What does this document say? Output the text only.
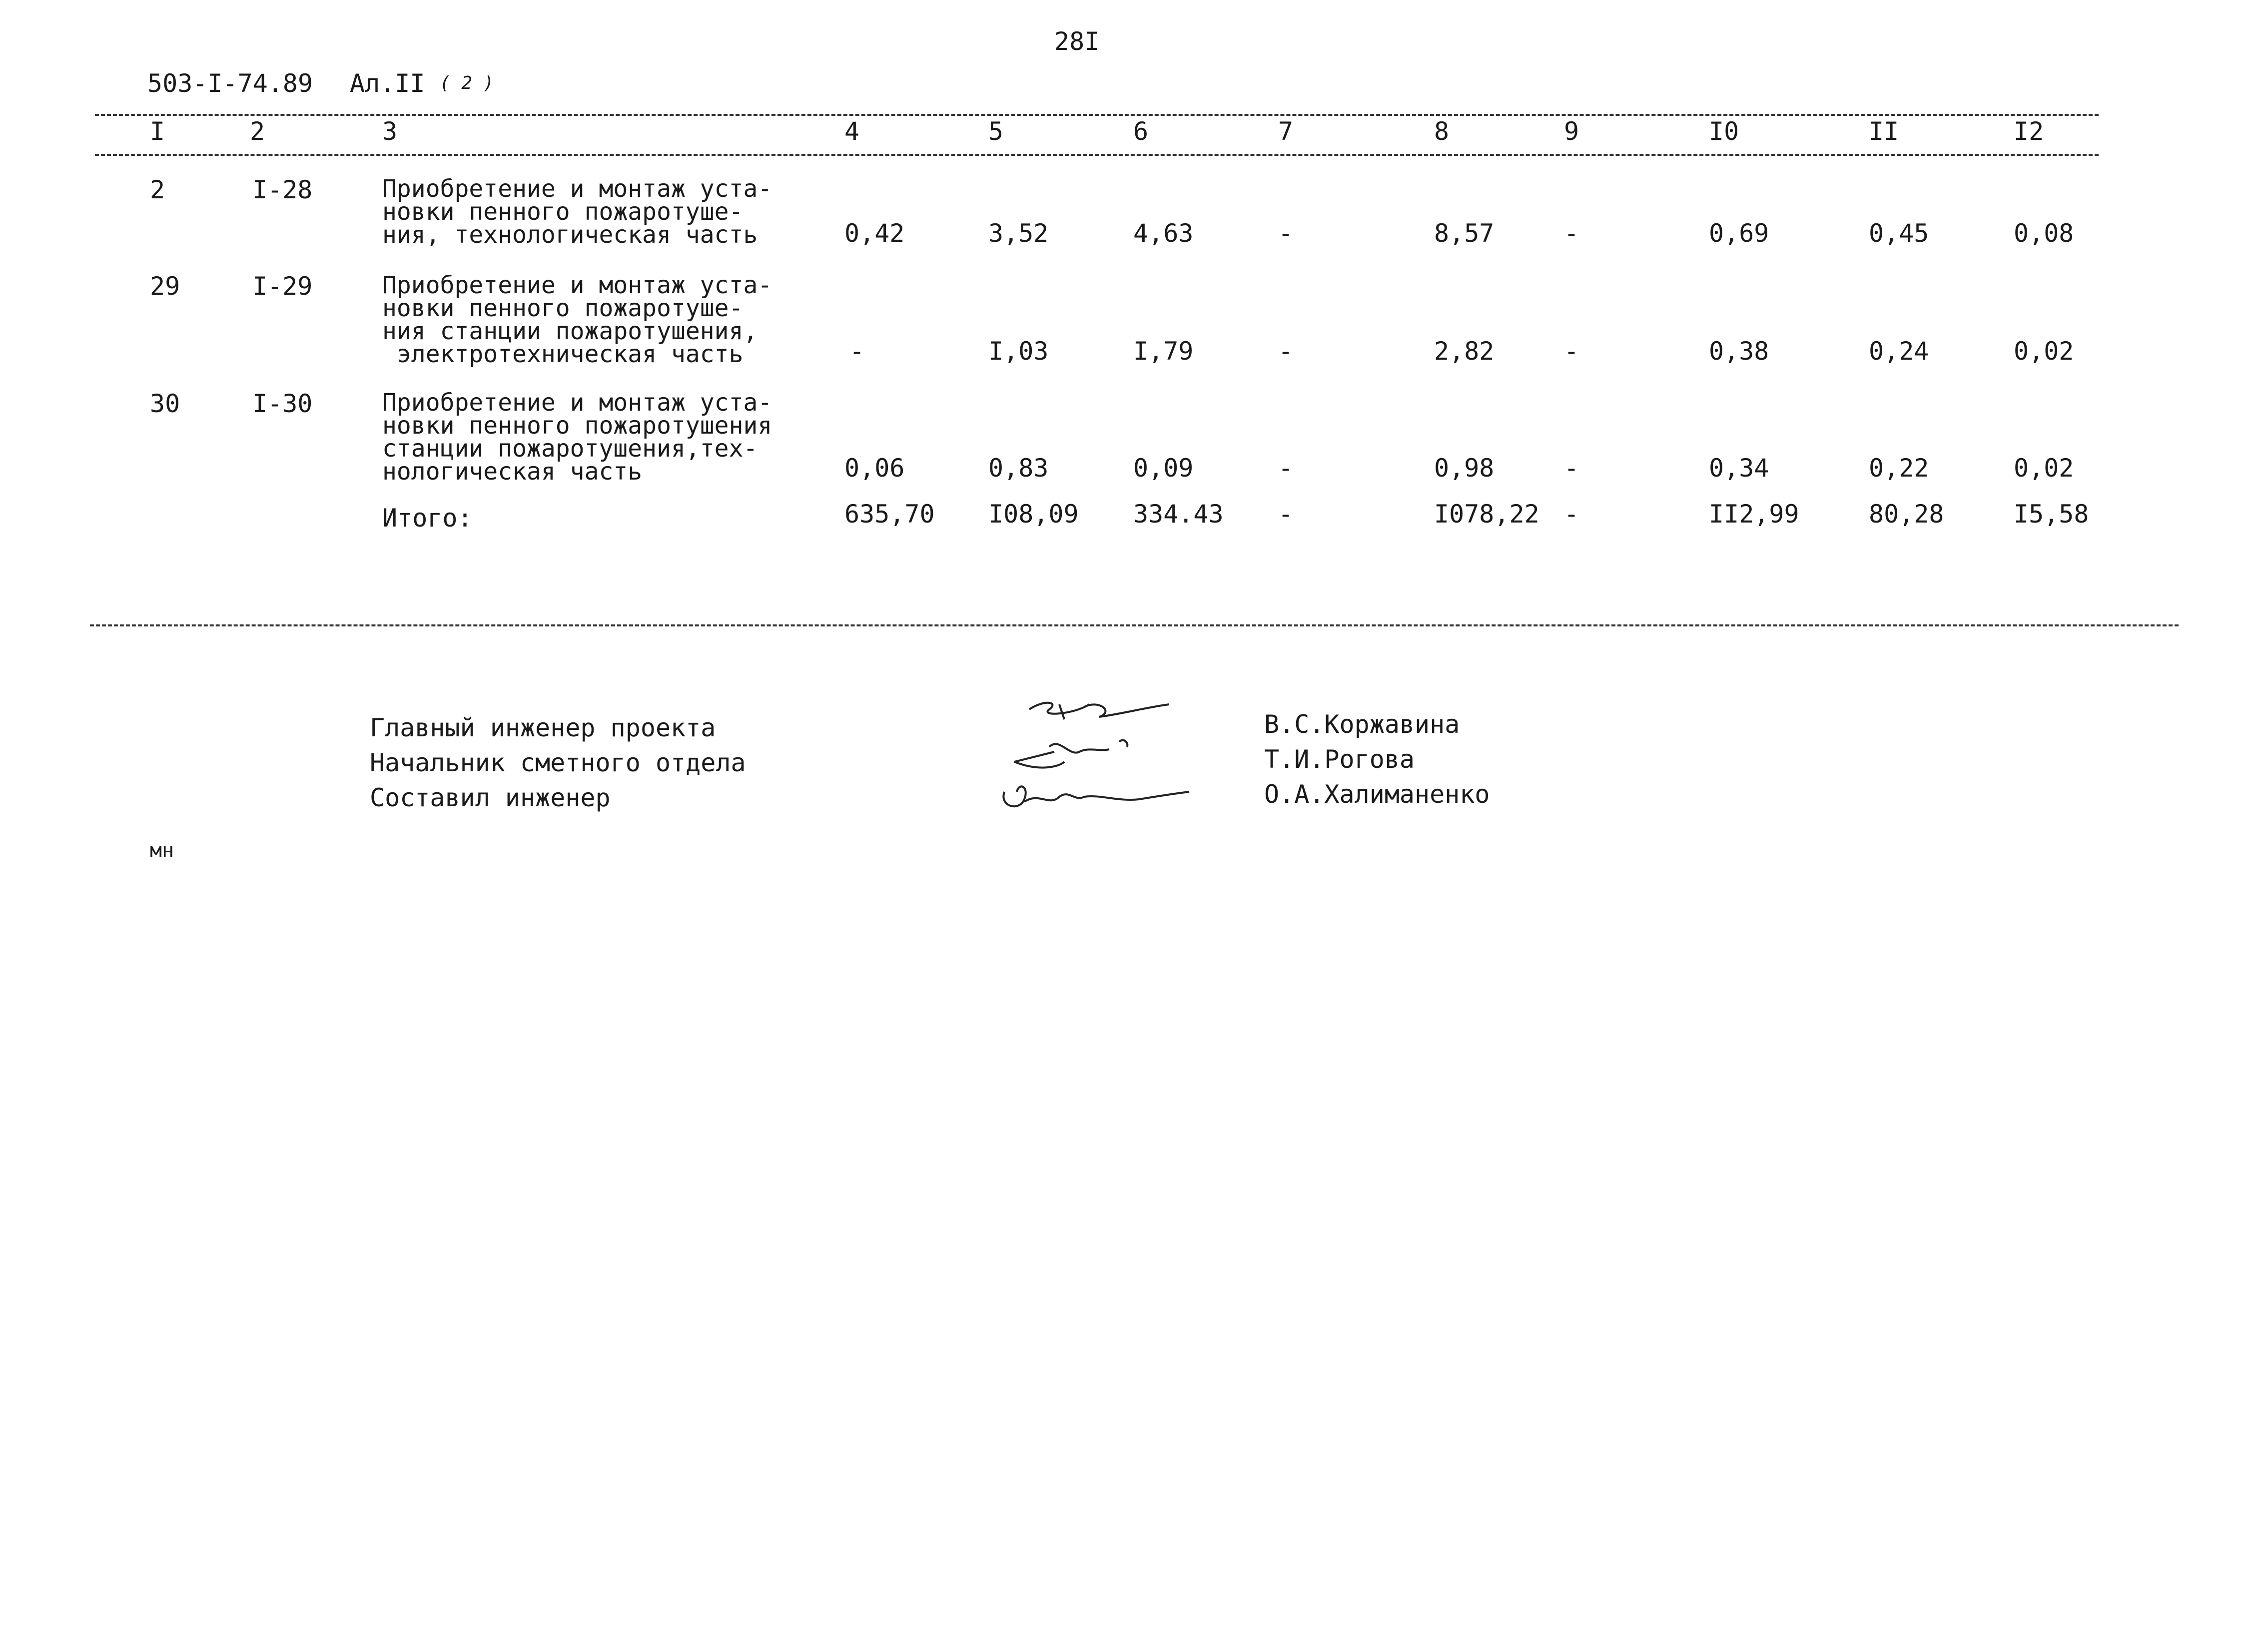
28I
503-I-74.89 Ал.II ( 2 )
I	2	3	4	5	6	7	8	9	I0	II	I2
2	I-28	Приобретение и монтаж уста-
новки пенного пожаротуше-
ния, технологическая часть	0,42	3,52	4,63	-	8,57	-	0,69	0,45	0,08
29	I-29	Приобретение и монтаж уста-
новки пенного пожаротуше-
ния станции пожаротушения,
электротехническая часть	-	I,03	I,79	-	2,82	-	0,38	0,24	0,02
30	I-30	Приобретение и монтаж уста-
новки пенного пожаротушения
станции пожаротушения,тех-
нологическая часть	0,06	0,83	0,09	-	0,98	-	0,34	0,22	0,02
Итого:	635,70 I08,09 334.43 -	I078,22 -	II2,99	80,28	I5,58
Главный инженер проекта
Начальник сметного отдела
Составил инженер
В.С.Коржавина
Т.И.Рогова
О.А.Халиманенко
мн
